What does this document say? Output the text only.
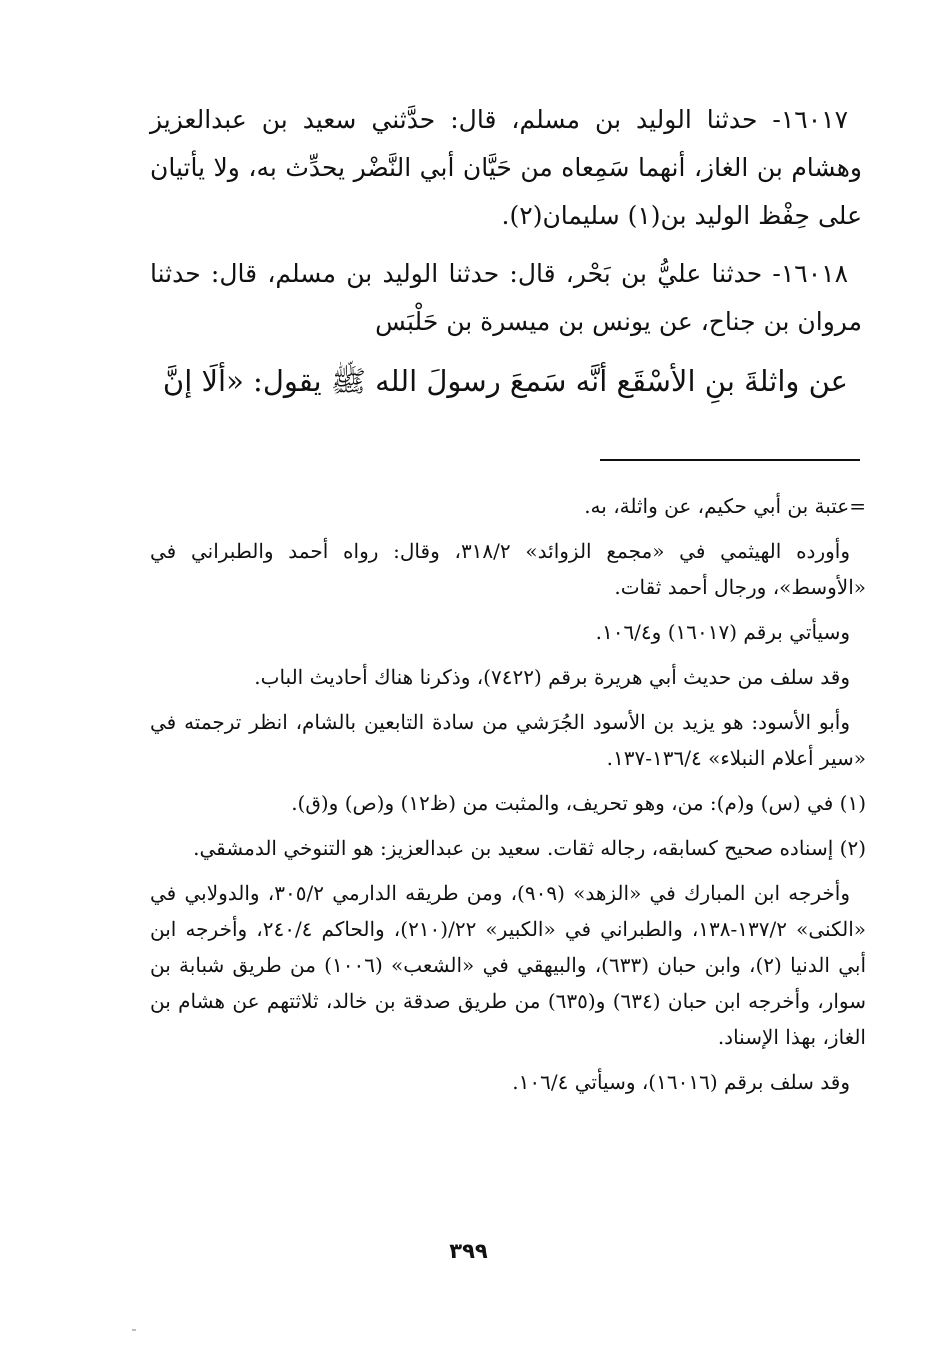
١٦٠١٧- حدثنا الوليد بن مسلم، قال: حدَّثني سعيد بن عبدالعزيز وهشام بن الغاز، أنهما سَمِعاه من حَيَّان أبي النَّضْر يحدِّث به، ولا يأتيان على حِفْظ الوليد بن(١) سليمان(٢).

١٦٠١٨- حدثنا عليُّ بن بَحْر، قال: حدثنا الوليد بن مسلم، قال: حدثنا مروان بن جناح، عن يونس بن ميسرة بن حَلْبَس

عن واثلةَ بنِ الأسْقَع أنَّه سَمعَ رسولَ الله ﷺ يقول: «ألَا إنَّ

=عتبة بن أبي حكيم، عن واثلة، به.

وأورده الهيثمي في «مجمع الزوائد» ٣١٨/٢، وقال: رواه أحمد والطبراني في «الأوسط»، ورجال أحمد ثقات.

وسيأتي برقم (١٦٠١٧) و١٠٦/٤.

وقد سلف من حديث أبي هريرة برقم (٧٤٢٢)، وذكرنا هناك أحاديث الباب.

وأبو الأسود: هو يزيد بن الأسود الجُرَشي من سادة التابعين بالشام، انظر ترجمته في «سير أعلام النبلاء» ١٣٦/٤-١٣٧.

(١) في (س) و(م): من، وهو تحريف، والمثبت من (ظ١٢) و(ص) و(ق).

(٢) إسناده صحيح كسابقه، رجاله ثقات. سعيد بن عبدالعزيز: هو التنوخي الدمشقي.

وأخرجه ابن المبارك في «الزهد» (٩٠٩)، ومن طريقه الدارمي ٣٠٥/٢، والدولابي في «الكنى» ١٣٧/٢-١٣٨، والطبراني في «الكبير» ٢٢/(٢١٠)، والحاكم ٢٤٠/٤، وأخرجه ابن أبي الدنيا (٢)، وابن حبان (٦٣٣)، والبيهقي في «الشعب» (١٠٠٦) من طريق شبابة بن سوار، وأخرجه ابن حبان (٦٣٤) و(٦٣٥) من طريق صدقة بن خالد، ثلاثتهم عن هشام بن الغاز، بهذا الإسناد.

وقد سلف برقم (١٦٠١٦)، وسيأتي ١٠٦/٤.

٣٩٩
